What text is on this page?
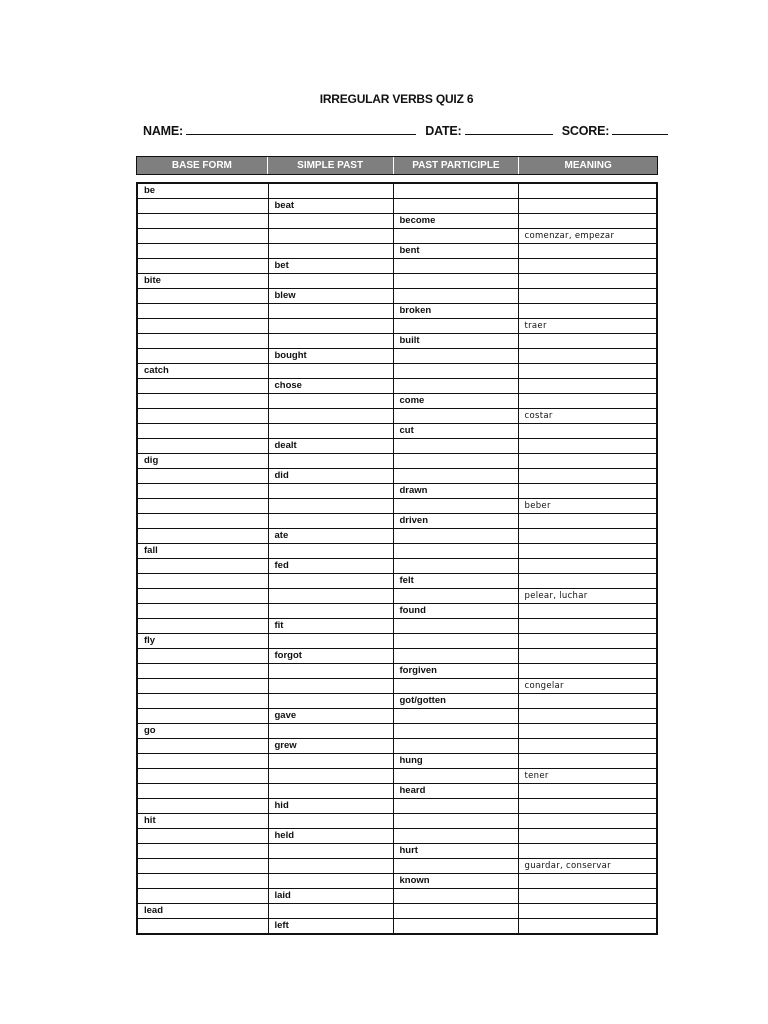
IRREGULAR VERBS QUIZ 6
NAME:	DATE:	SCORE:
BASE FORM	SIMPLE PAST	PAST PARTICIPLE	MEANING
be			
	beat		
		become	
			comenzar, empezar
		bent	
	bet		
bite			
	blew		
		broken	
			traer
		built	
	bought		
catch			
	chose		
		come	
			costar
		cut	
	dealt		
dig			
	did		
		drawn	
			beber
		driven	
	ate		
fall			
	fed		
		felt	
			pelear, luchar
		found	
	fit		
fly			
	forgot		
		forgiven	
			congelar
		got/gotten	
	gave		
go			
	grew		
		hung	
			tener
		heard	
	hid		
hit			
	held		
		hurt	
			guardar, conservar
		known	
	laid		
lead			
	left		
